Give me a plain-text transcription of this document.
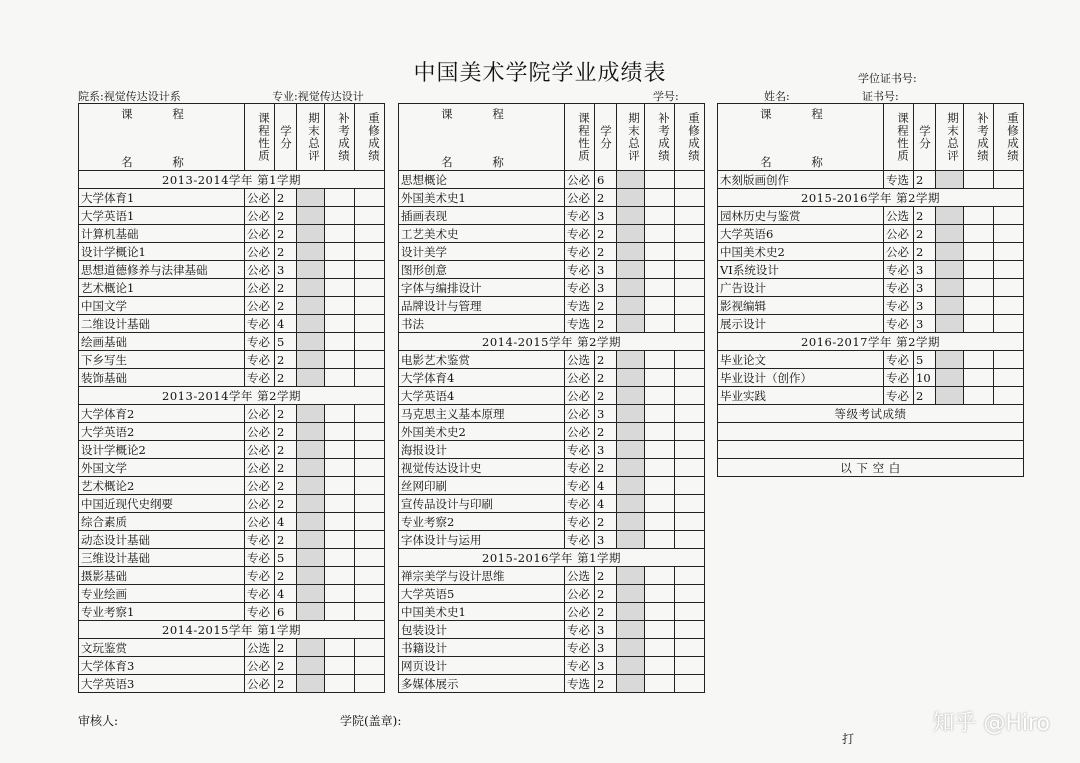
中国美术学院学业成绩表	学位证书号:
院系:视觉传达设计系	专业:视觉传达设计	学号:	姓名:	证书号:
课 程
名 称	课程性质	学分	期末总评	补考成绩	重修成绩
2013-2014学年 第1学期					
大学体育1	公必	2			
大学英语1	公必	2			
计算机基础	公必	2			
设计学概论1	公必	2			
思想道德修养与法律基础	公必	3			
艺术概论1	公必	2			
中国文学	公必	2			
二维设计基础	专必	4			
绘画基础	专必	5			
下乡写生	专必	2			
装饰基础	专必	2			
2013-2014学年 第2学期					
大学体育2	公必	2			
大学英语2	公必	2			
设计学概论2	公必	2			
外国文学	公必	2			
艺术概论2	公必	2			
中国近现代史纲要	公必	2			
综合素质	公必	4			
动态设计基础	专必	2			
三维设计基础	专必	5			
摄影基础	专必	2			
专业绘画	专必	4			
专业考察1	专必	6			
2014-2015学年 第1学期					
文玩鉴赏	公选	2			
大学体育3	公必	2			
大学英语3	公必	2			
课 程
名 称	课程性质	学分	期末总评	补考成绩	重修成绩
思想概论	公必	6			
外国美术史1	公必	2			
插画表现	专必	3			
工艺美术史	专必	2			
设计美学	专必	2			
图形创意	专必	3			
字体与编排设计	专必	3			
品牌设计与管理	专选	2			
书法	专选	2			
2014-2015学年 第2学期					
电影艺术鉴赏	公选	2			
大学体育4	公必	2			
大学英语4	公必	2			
马克思主义基本原理	公必	3			
外国美术史2	公必	2			
海报设计	专必	3			
视觉传达设计史	专必	2			
丝网印刷	专必	4			
宣传品设计与印刷	专必	4			
专业考察2	专必	2			
字体设计与运用	专必	3			
2015-2016学年 第1学期					
禅宗美学与设计思维	公选	2			
大学英语5	公必	2			
中国美术史1	公必	2			
包装设计	专必	3			
书籍设计	专必	3			
网页设计	专必	3			
多媒体展示	专选	2			
课 程
名 称	课程性质	学分	期末总评	补考成绩	重修成绩
木刻版画创作	专选	2			
2015-2016学年 第2学期					
园林历史与鉴赏	公选	2			
大学英语6	公必	2			
中国美术史2	公必	2			
VI系统设计	专必	3			
广告设计	专必	3			
影视编辑	专必	3			
展示设计	专必	3			
2016-2017学年 第2学期					
毕业论文	专必	5			
毕业设计（创作）	专必	10			
毕业实践	专必	2			
等级考试成绩					

以 下 空 白					
审核人:	学院(盖章):
打
知乎 @Hiro
